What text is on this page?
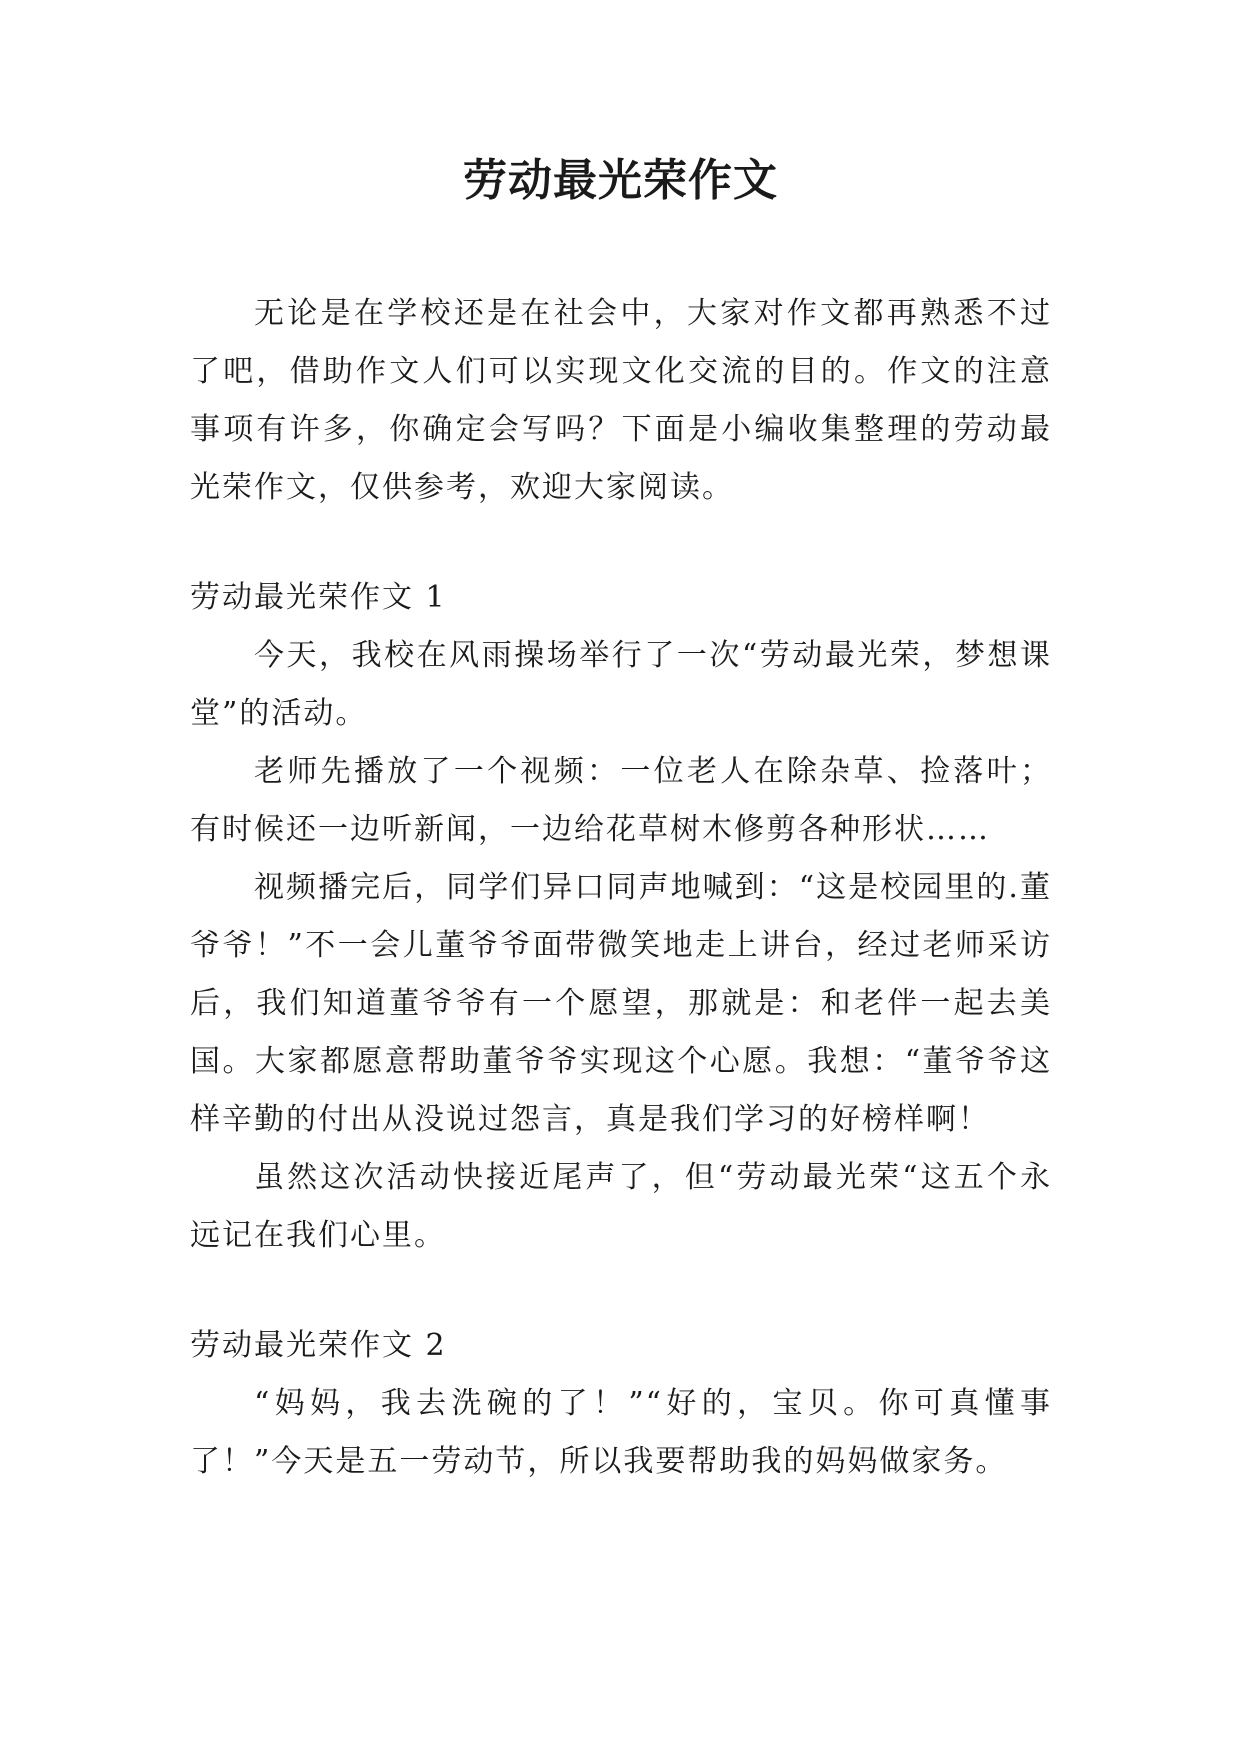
劳动最光荣作文

无论是在学校还是在社会中，大家对作文都再熟悉不过了吧，借助作文人们可以实现文化交流的目的。作文的注意事项有许多，你确定会写吗？下面是小编收集整理的劳动最光荣作文，仅供参考，欢迎大家阅读。

劳动最光荣作文 1

今天，我校在风雨操场举行了一次“劳动最光荣，梦想课堂”的活动。

老师先播放了一个视频：一位老人在除杂草、捡落叶；有时候还一边听新闻，一边给花草树木修剪各种形状……

视频播完后，同学们异口同声地喊到：“这是校园里的.董爷爷！”不一会儿董爷爷面带微笑地走上讲台，经过老师采访后，我们知道董爷爷有一个愿望，那就是：和老伴一起去美国。大家都愿意帮助董爷爷实现这个心愿。我想：“董爷爷这样辛勤的付出从没说过怨言，真是我们学习的好榜样啊！

虽然这次活动快接近尾声了，但“劳动最光荣“这五个永远记在我们心里。

劳动最光荣作文 2

“妈妈，我去洗碗的了！”“好的，宝贝。你可真懂事了！”今天是五一劳动节，所以我要帮助我的妈妈做家务。
